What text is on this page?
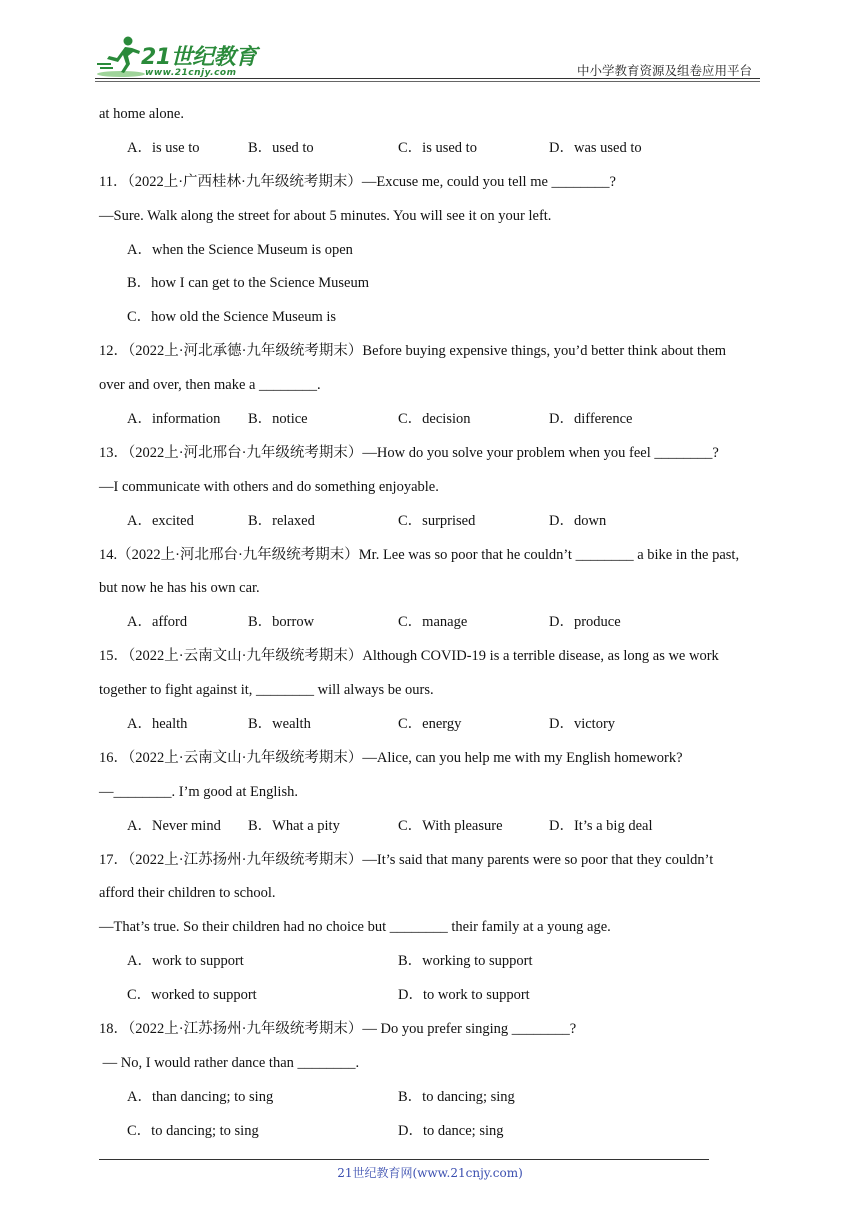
21世纪教育
www.21cnjy.com	中小学教育资源及组卷应用平台
at home alone.
A．is use to	B．used to	C．is used to	D．was used to
11．（2022上·广西桂林·九年级统考期末）—Excuse me, could you tell me ________?
—Sure. Walk along the street for about 5 minutes. You will see it on your left.
A．when the Science Museum is open
B．how I can get to the Science Museum
C．how old the Science Museum is
12．（2022上·河北承德·九年级统考期末）Before buying expensive things, you’d better think about them
over and over, then make a ________.
A．information B．notice	C．decision	D．difference
13．（2022上·河北邢台·九年级统考期末）—How do you solve your problem when you feel ________?
—I communicate with others and do something enjoyable.
A．excited	B．relaxed	C．surprised	D．down
14.（2022上·河北邢台·九年级统考期末）Mr. Lee was so poor that he couldn’t ________ a bike in the past,
but now he has his own car.
A．afford	B．borrow	C．manage	D．produce
15．（2022上·云南文山·九年级统考期末）Although COVID-19 is a terrible disease, as long as we work
together to fight against it, ________ will always be ours.
A．health	B．wealth	C．energy	D．victory
16．（2022上·云南文山·九年级统考期末）—Alice, can you help me with my English homework?
—________. I’m good at English.
A．Never mind B．What a pity	C．With pleasure	D．It’s a big deal
17．（2022上·江苏扬州·九年级统考期末）—It’s said that many parents were so poor that they couldn’t
afford their children to school.
—That’s true. So their children had no choice but ________ their family at a young age.
A．work to support	B．working to support
C．worked to support	D．to work to support
18．（2022上·江苏扬州·九年级统考期末）— Do you prefer singing ________?
— No, I would rather dance than ________.
A．than dancing; to sing	B．to dancing; sing
C．to dancing; to sing	D．to dance; sing
21世纪教育网(www.21cnjy.com)
